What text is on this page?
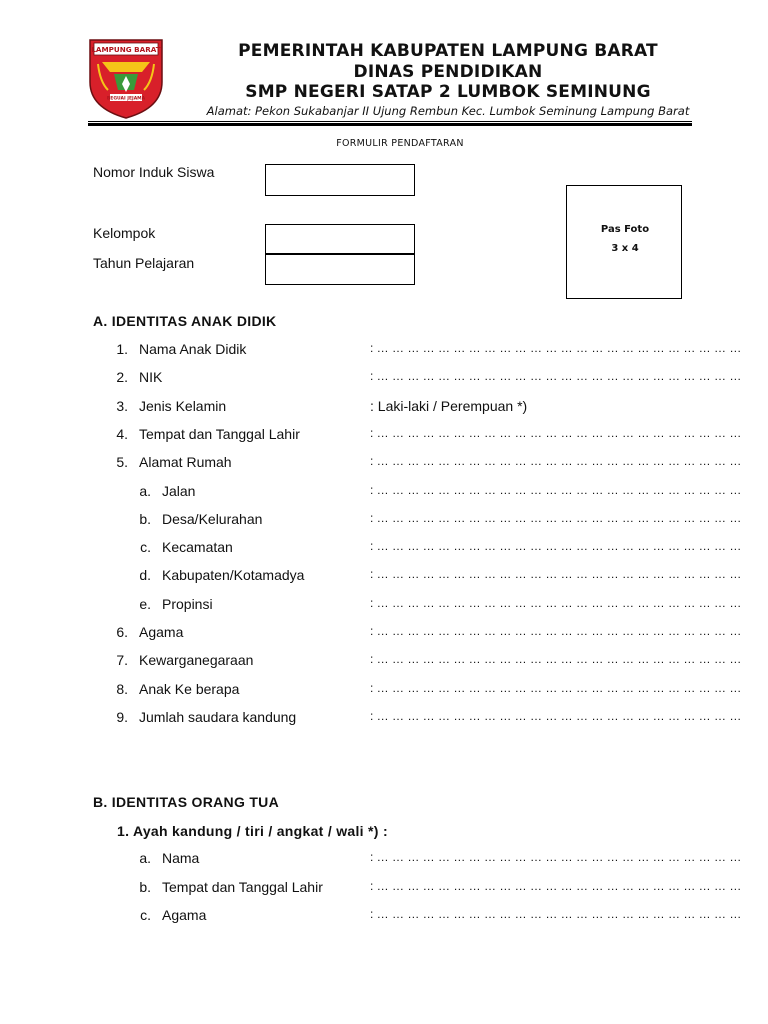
LAMPUNG BARAT
BEGUAI JEJAMA
PEMERINTAH KABUPATEN LAMPUNG BARAT
DINAS PENDIDIKAN
SMP NEGERI SATAP 2 LUMBOK SEMINUNG
Alamat: Pekon Sukabanjar II Ujung Rembun Kec. Lumbok Seminung Lampung Barat
FORMULIR PENDAFTARAN
Nomor Induk Siswa
Kelompok
Tahun Pelajaran
Pas Foto
3 x 4
A. IDENTITAS ANAK DIDIK
1. Nama Anak Didik	: … … … … … … … … … … … … … … … … … … … … … … … …
2. NIK	: … … … … … … … … … … … … … … … … … … … … … … … …
3. Jenis Kelamin	: Laki-laki / Perempuan *)
4. Tempat dan Tanggal Lahir	: … … … … … … … … … … … … … … … … … … … … … … … …
5. Alamat Rumah	: … … … … … … … … … … … … … … … … … … … … … … … …
a. Jalan	: … … … … … … … … … … … … … … … … … … … … … … … …
b. Desa/Kelurahan	: … … … … … … … … … … … … … … … … … … … … … … … …
c. Kecamatan	: … … … … … … … … … … … … … … … … … … … … … … … …
d. Kabupaten/Kotamadya	: … … … … … … … … … … … … … … … … … … … … … … … …
e. Propinsi	: … … … … … … … … … … … … … … … … … … … … … … … …
6. Agama	: … … … … … … … … … … … … … … … … … … … … … … … …
7. Kewarganegaraan	: … … … … … … … … … … … … … … … … … … … … … … … …
8. Anak Ke berapa	: … … … … … … … … … … … … … … … … … … … … … … … …
9. Jumlah saudara kandung	: … … … … … … … … … … … … … … … … … … … … … … … …
B. IDENTITAS ORANG TUA
1. Ayah kandung / tiri / angkat / wali *) :
a. Nama	: … … … … … … … … … … … … … … … … … … … … … … … …
b. Tempat dan Tanggal Lahir	: … … … … … … … … … … … … … … … … … … … … … … … …
c. Agama	: … … … … … … … … … … … … … … … … … … … … … … … …
